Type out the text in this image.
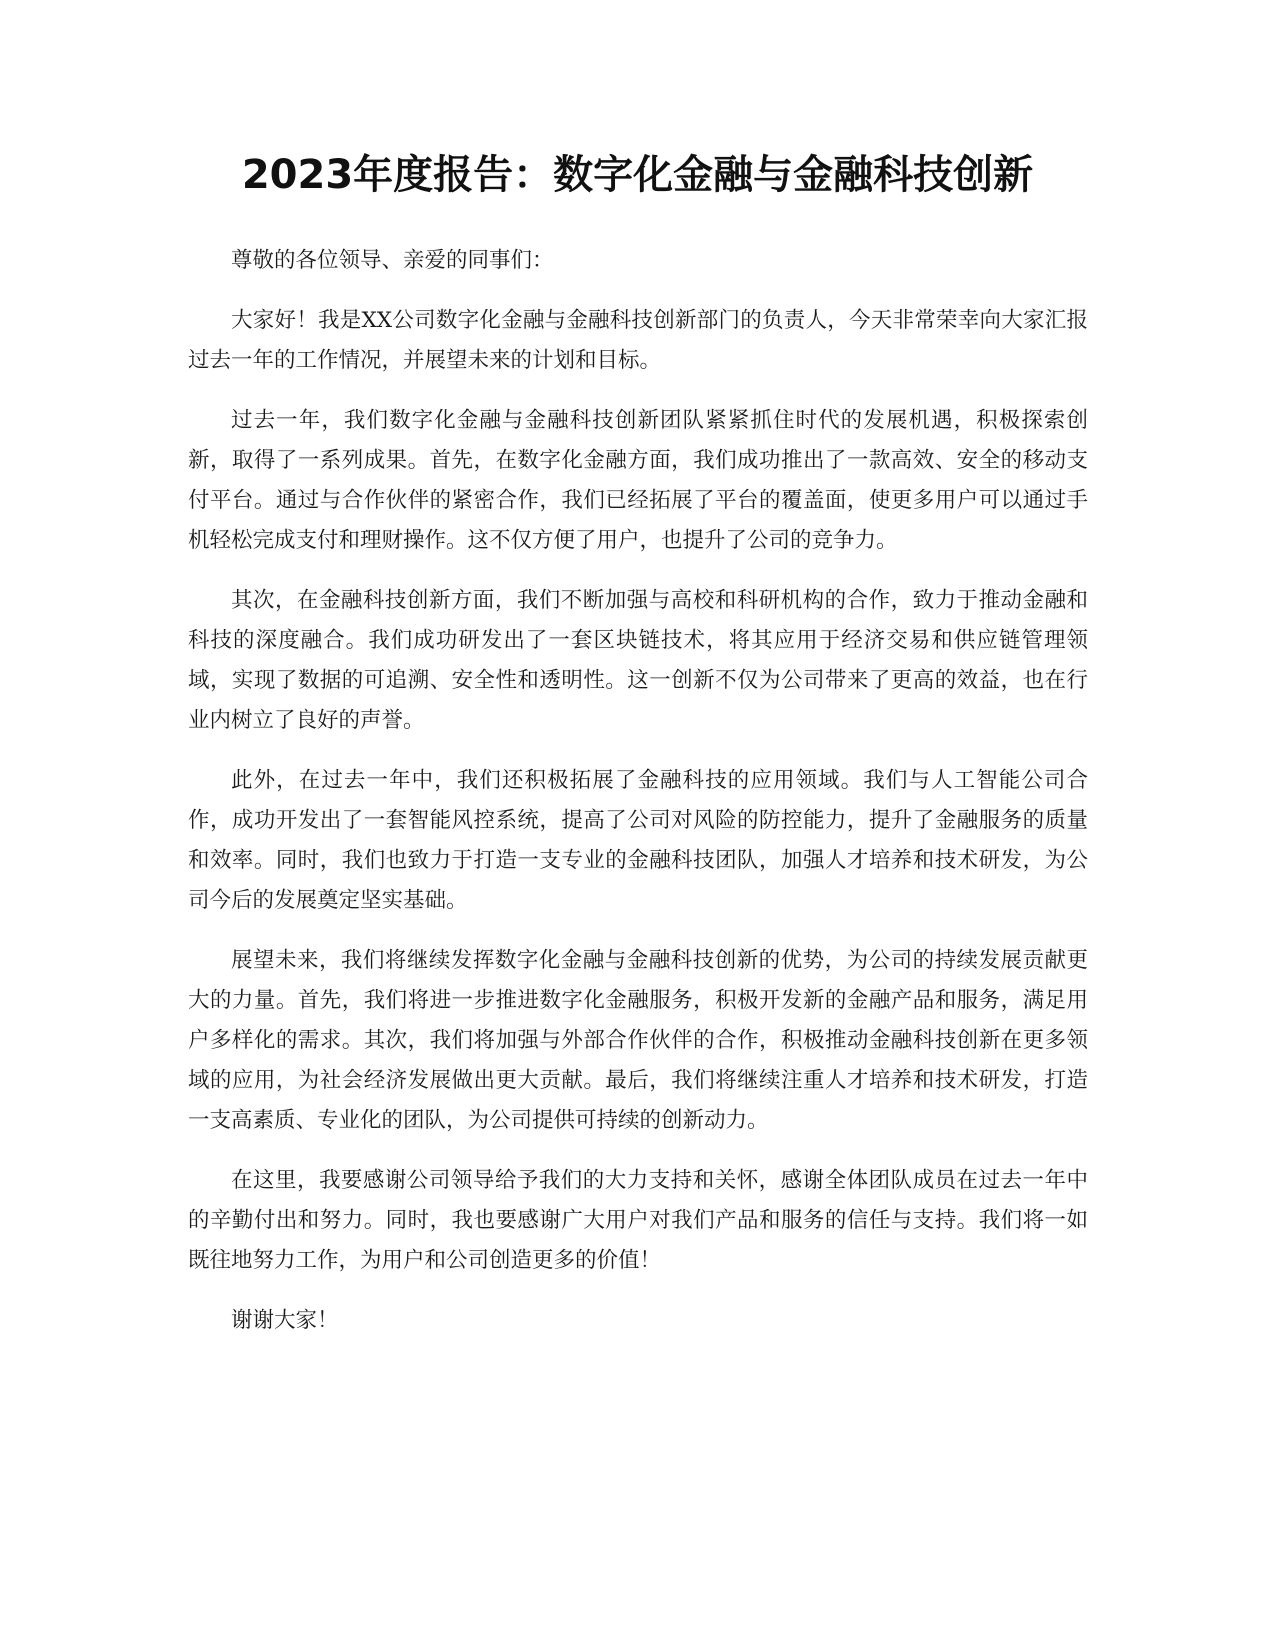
2023年度报告：数字化金融与金融科技创新

尊敬的各位领导、亲爱的同事们：

大家好！我是XX公司数字化金融与金融科技创新部门的负责人，今天非常荣幸向大家汇报过去一年的工作情况，并展望未来的计划和目标。

过去一年，我们数字化金融与金融科技创新团队紧紧抓住时代的发展机遇，积极探索创新，取得了一系列成果。首先，在数字化金融方面，我们成功推出了一款高效、安全的移动支付平台。通过与合作伙伴的紧密合作，我们已经拓展了平台的覆盖面，使更多用户可以通过手机轻松完成支付和理财操作。这不仅方便了用户，也提升了公司的竞争力。

其次，在金融科技创新方面，我们不断加强与高校和科研机构的合作，致力于推动金融和科技的深度融合。我们成功研发出了一套区块链技术，将其应用于经济交易和供应链管理领域，实现了数据的可追溯、安全性和透明性。这一创新不仅为公司带来了更高的效益，也在行业内树立了良好的声誉。

此外，在过去一年中，我们还积极拓展了金融科技的应用领域。我们与人工智能公司合作，成功开发出了一套智能风控系统，提高了公司对风险的防控能力，提升了金融服务的质量和效率。同时，我们也致力于打造一支专业的金融科技团队，加强人才培养和技术研发，为公司今后的发展奠定坚实基础。

展望未来，我们将继续发挥数字化金融与金融科技创新的优势，为公司的持续发展贡献更大的力量。首先，我们将进一步推进数字化金融服务，积极开发新的金融产品和服务，满足用户多样化的需求。其次，我们将加强与外部合作伙伴的合作，积极推动金融科技创新在更多领域的应用，为社会经济发展做出更大贡献。最后，我们将继续注重人才培养和技术研发，打造一支高素质、专业化的团队，为公司提供可持续的创新动力。

在这里，我要感谢公司领导给予我们的大力支持和关怀，感谢全体团队成员在过去一年中的辛勤付出和努力。同时，我也要感谢广大用户对我们产品和服务的信任与支持。我们将一如既往地努力工作，为用户和公司创造更多的价值！

谢谢大家！
